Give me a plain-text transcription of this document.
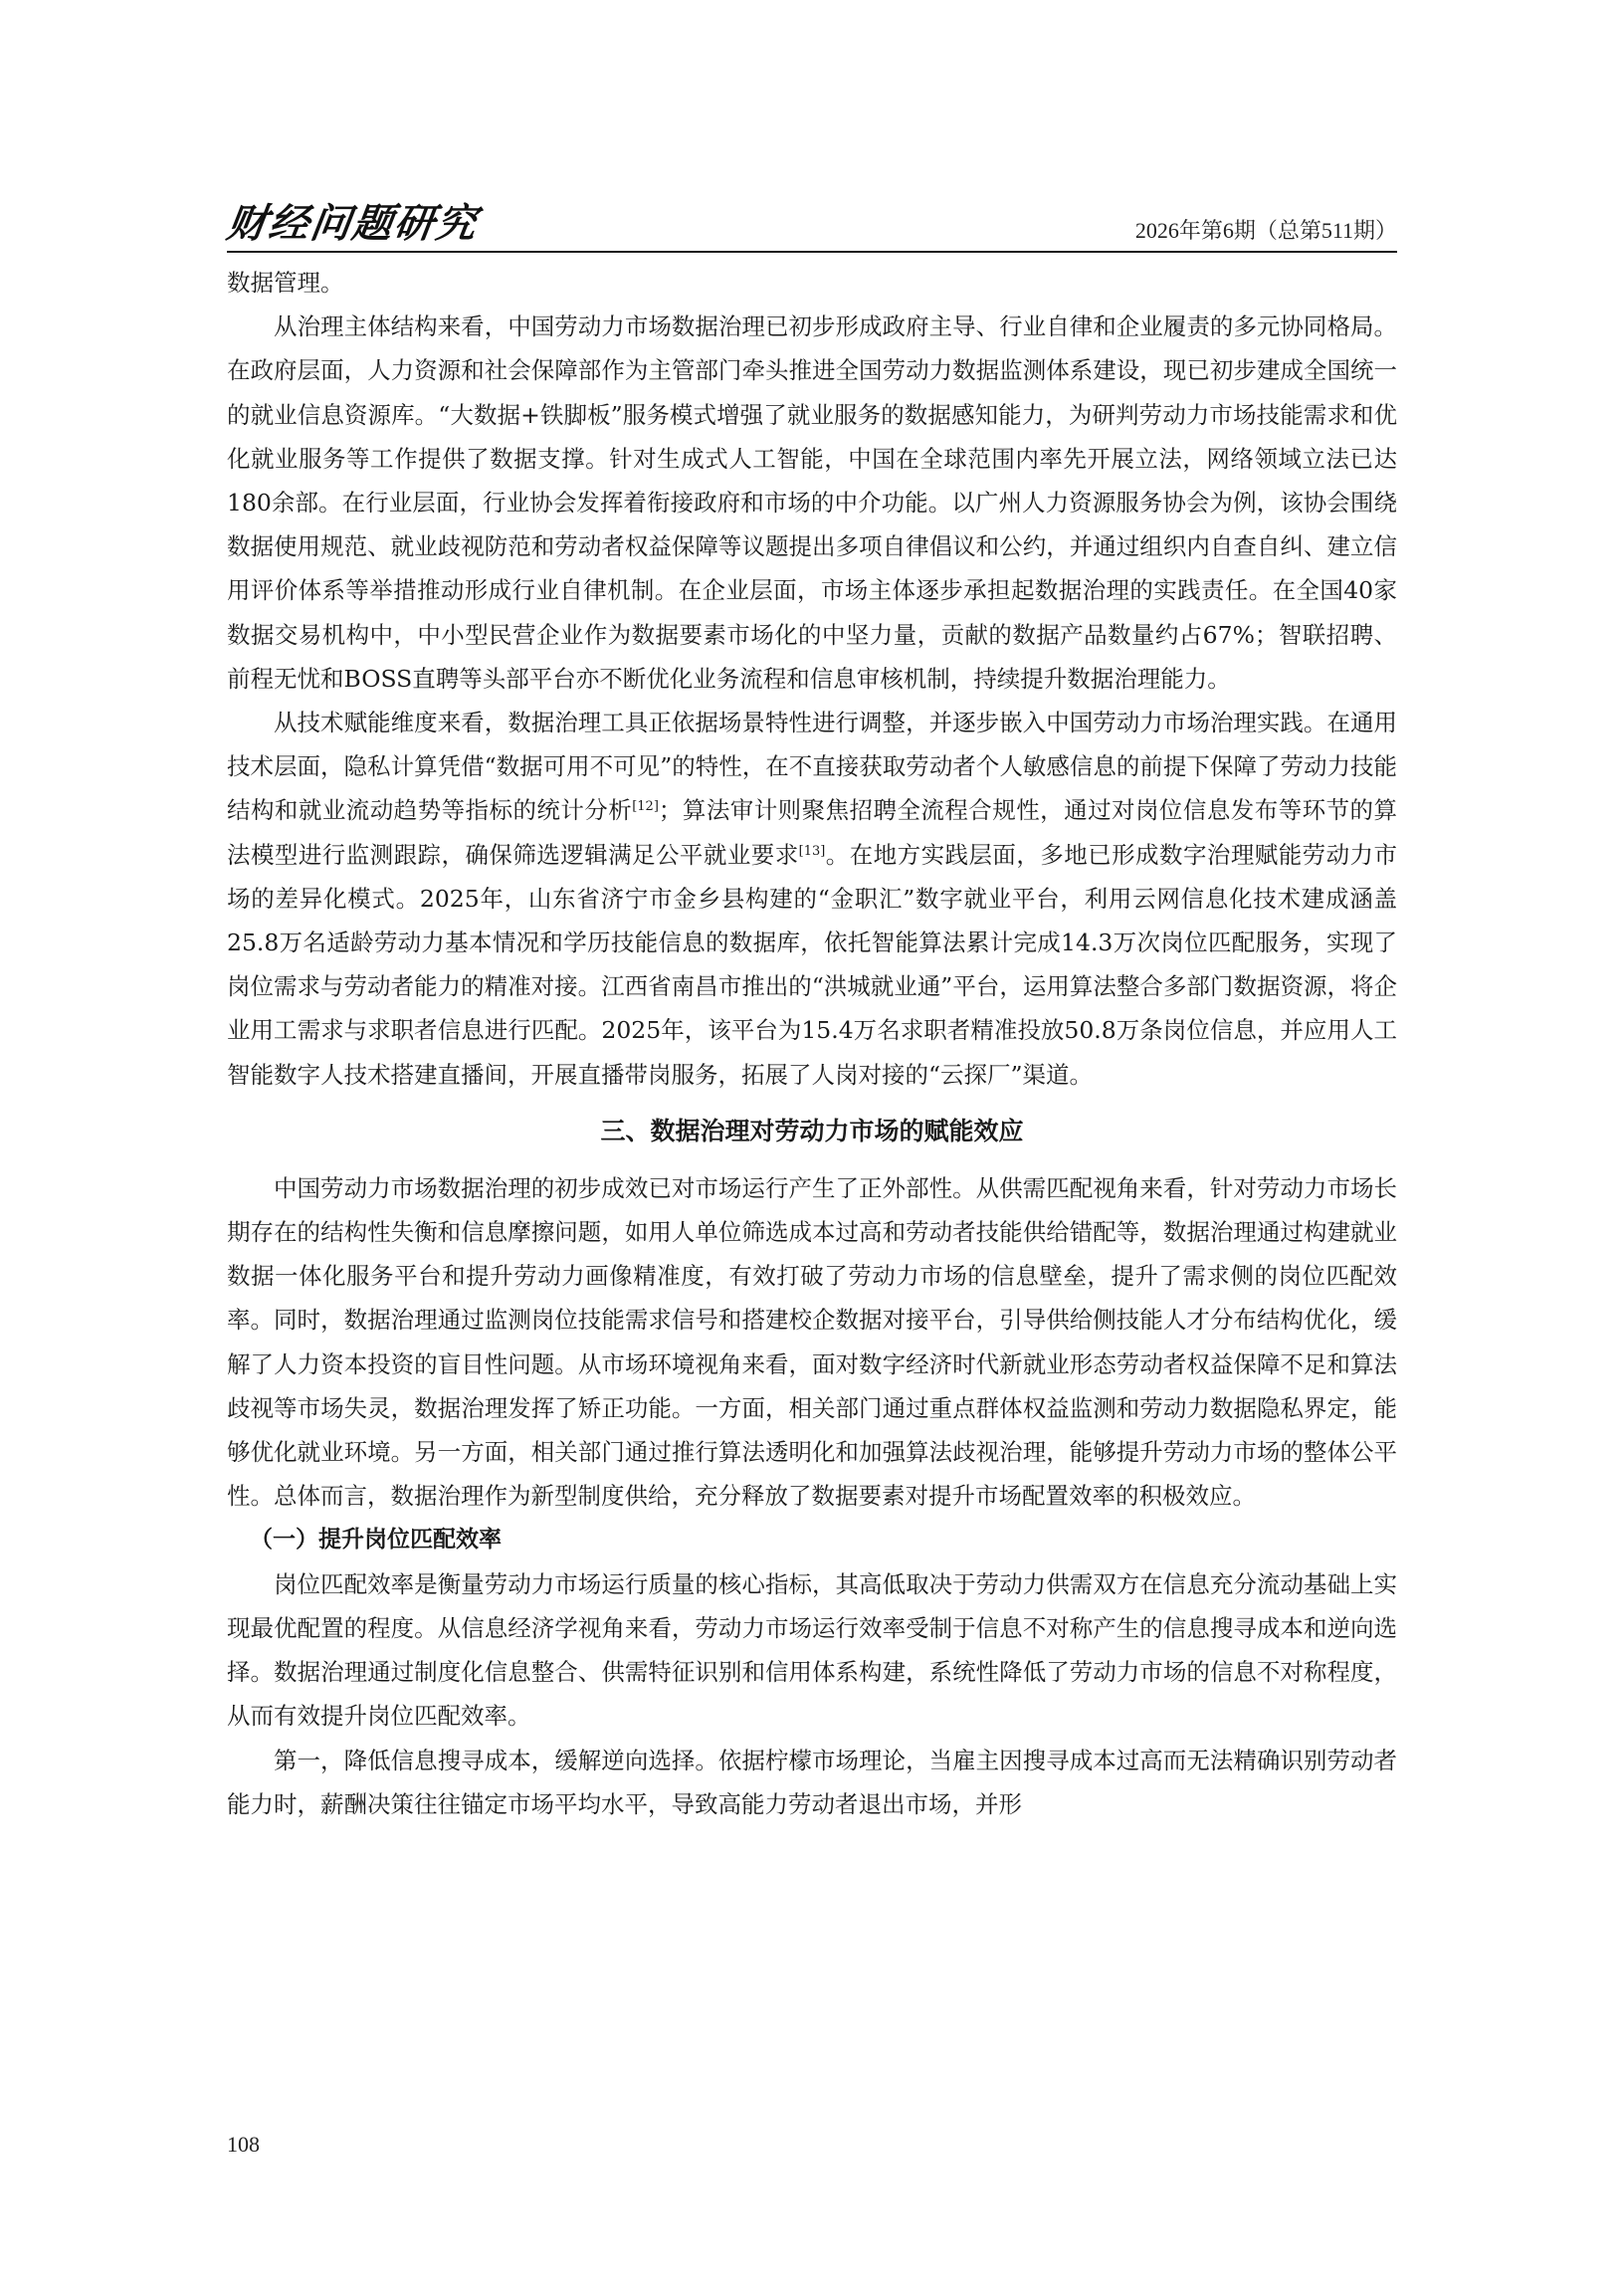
财经问题研究	2026年第6期（总第511期）

数据管理。

从治理主体结构来看，中国劳动力市场数据治理已初步形成政府主导、行业自律和企业履责的多元协同格局。在政府层面，人力资源和社会保障部作为主管部门牵头推进全国劳动力数据监测体系建设，现已初步建成全国统一的就业信息资源库。“大数据+铁脚板”服务模式增强了就业服务的数据感知能力，为研判劳动力市场技能需求和优化就业服务等工作提供了数据支撑。针对生成式人工智能，中国在全球范围内率先开展立法，网络领域立法已达180余部。在行业层面，行业协会发挥着衔接政府和市场的中介功能。以广州人力资源服务协会为例，该协会围绕数据使用规范、就业歧视防范和劳动者权益保障等议题提出多项自律倡议和公约，并通过组织内自查自纠、建立信用评价体系等举措推动形成行业自律机制。在企业层面，市场主体逐步承担起数据治理的实践责任。在全国40家数据交易机构中，中小型民营企业作为数据要素市场化的中坚力量，贡献的数据产品数量约占67%；智联招聘、前程无忧和BOSS直聘等头部平台亦不断优化业务流程和信息审核机制，持续提升数据治理能力。

从技术赋能维度来看，数据治理工具正依据场景特性进行调整，并逐步嵌入中国劳动力市场治理实践。在通用技术层面，隐私计算凭借“数据可用不可见”的特性，在不直接获取劳动者个人敏感信息的前提下保障了劳动力技能结构和就业流动趋势等指标的统计分析[12]；算法审计则聚焦招聘全流程合规性，通过对岗位信息发布等环节的算法模型进行监测跟踪，确保筛选逻辑满足公平就业要求[13]。在地方实践层面，多地已形成数字治理赋能劳动力市场的差异化模式。2025年，山东省济宁市金乡县构建的“金职汇”数字就业平台，利用云网信息化技术建成涵盖25.8万名适龄劳动力基本情况和学历技能信息的数据库，依托智能算法累计完成14.3万次岗位匹配服务，实现了岗位需求与劳动者能力的精准对接。江西省南昌市推出的“洪城就业通”平台，运用算法整合多部门数据资源，将企业用工需求与求职者信息进行匹配。2025年，该平台为15.4万名求职者精准投放50.8万条岗位信息，并应用人工智能数字人技术搭建直播间，开展直播带岗服务，拓展了人岗对接的“云探厂”渠道。

三、数据治理对劳动力市场的赋能效应

中国劳动力市场数据治理的初步成效已对市场运行产生了正外部性。从供需匹配视角来看，针对劳动力市场长期存在的结构性失衡和信息摩擦问题，如用人单位筛选成本过高和劳动者技能供给错配等，数据治理通过构建就业数据一体化服务平台和提升劳动力画像精准度，有效打破了劳动力市场的信息壁垒，提升了需求侧的岗位匹配效率。同时，数据治理通过监测岗位技能需求信号和搭建校企数据对接平台，引导供给侧技能人才分布结构优化，缓解了人力资本投资的盲目性问题。从市场环境视角来看，面对数字经济时代新就业形态劳动者权益保障不足和算法歧视等市场失灵，数据治理发挥了矫正功能。一方面，相关部门通过重点群体权益监测和劳动力数据隐私界定，能够优化就业环境。另一方面，相关部门通过推行算法透明化和加强算法歧视治理，能够提升劳动力市场的整体公平性。总体而言，数据治理作为新型制度供给，充分释放了数据要素对提升市场配置效率的积极效应。

（一）提升岗位匹配效率

岗位匹配效率是衡量劳动力市场运行质量的核心指标，其高低取决于劳动力供需双方在信息充分流动基础上实现最优配置的程度。从信息经济学视角来看，劳动力市场运行效率受制于信息不对称产生的信息搜寻成本和逆向选择。数据治理通过制度化信息整合、供需特征识别和信用体系构建，系统性降低了劳动力市场的信息不对称程度，从而有效提升岗位匹配效率。

第一，降低信息搜寻成本，缓解逆向选择。依据柠檬市场理论，当雇主因搜寻成本过高而无法精确识别劳动者能力时，薪酬决策往往锚定市场平均水平，导致高能力劳动者退出市场，并形

108
